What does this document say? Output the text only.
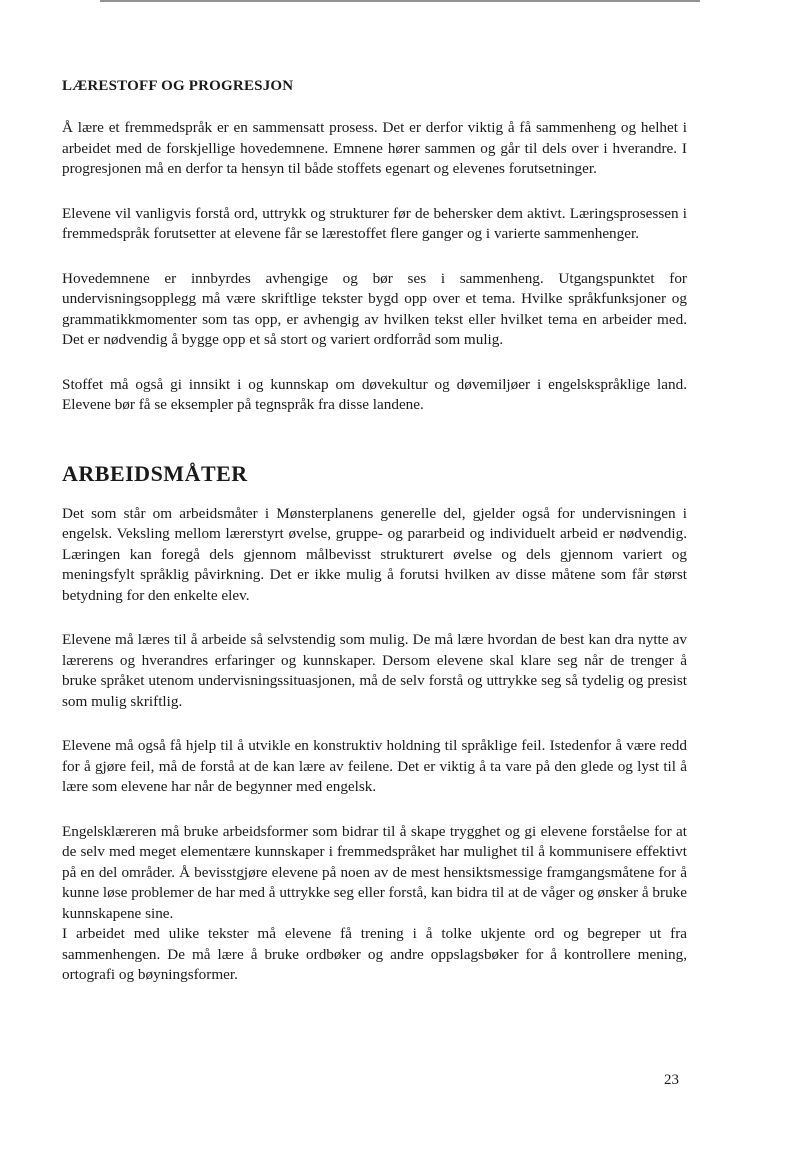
LÆRESTOFF OG PROGRESJON

Å lære et fremmedspråk er en sammensatt prosess. Det er derfor viktig å få sammenheng og helhet i arbeidet med de forskjellige hovedemnene. Emnene hører sammen og går til dels over i hverandre. I progresjonen må en derfor ta hensyn til både stoffets egenart og elevenes forutsetninger.

Elevene vil vanligvis forstå ord, uttrykk og strukturer før de behersker dem aktivt. Læringsprosessen i fremmedspråk forutsetter at elevene får se lærestoffet flere ganger og i varierte sammenhenger.

Hovedemnene er innbyrdes avhengige og bør ses i sammenheng. Utgangspunktet for undervisningsopplegg må være skriftlige tekster bygd opp over et tema. Hvilke språkfunksjoner og grammatikkmomenter som tas opp, er avhengig av hvilken tekst eller hvilket tema en arbeider med. Det er nødvendig å bygge opp et så stort og variert ordforråd som mulig.

Stoffet må også gi innsikt i og kunnskap om døvekultur og døvemiljøer i engelskspråklige land. Elevene bør få se eksempler på tegnspråk fra disse landene.

ARBEIDSMÅTER

Det som står om arbeidsmåter i Mønsterplanens generelle del, gjelder også for undervisningen i engelsk. Veksling mellom lærerstyrt øvelse, gruppe- og pararbeid og individuelt arbeid er nødvendig. Læringen kan foregå dels gjennom målbevisst strukturert øvelse og dels gjennom variert og meningsfylt språklig påvirkning. Det er ikke mulig å forutsi hvilken av disse måtene som får størst betydning for den enkelte elev.

Elevene må læres til å arbeide så selvstendig som mulig. De må lære hvordan de best kan dra nytte av lærerens og hverandres erfaringer og kunnskaper. Dersom elevene skal klare seg når de trenger å bruke språket utenom undervisningssituasjonen, må de selv forstå og uttrykke seg så tydelig og presist som mulig skriftlig.

Elevene må også få hjelp til å utvikle en konstruktiv holdning til språklige feil. Istedenfor å være redd for å gjøre feil, må de forstå at de kan lære av feilene. Det er viktig å ta vare på den glede og lyst til å lære som elevene har når de begynner med engelsk.

Engelsklæreren må bruke arbeidsformer som bidrar til å skape trygghet og gi elevene forståelse for at de selv med meget elementære kunnskaper i fremmedspråket har mulighet til å kommunisere effektivt på en del områder. Å bevisstgjøre elevene på noen av de mest hensiktsmessige framgangsmåtene for å kunne løse problemer de har med å uttrykke seg eller forstå, kan bidra til at de våger og ønsker å bruke kunnskapene sine.

I arbeidet med ulike tekster må elevene få trening i å tolke ukjente ord og begreper ut fra sammenhengen. De må lære å bruke ordbøker og andre oppslagsbøker for å kontrollere mening, ortografi og bøyningsformer.

23
